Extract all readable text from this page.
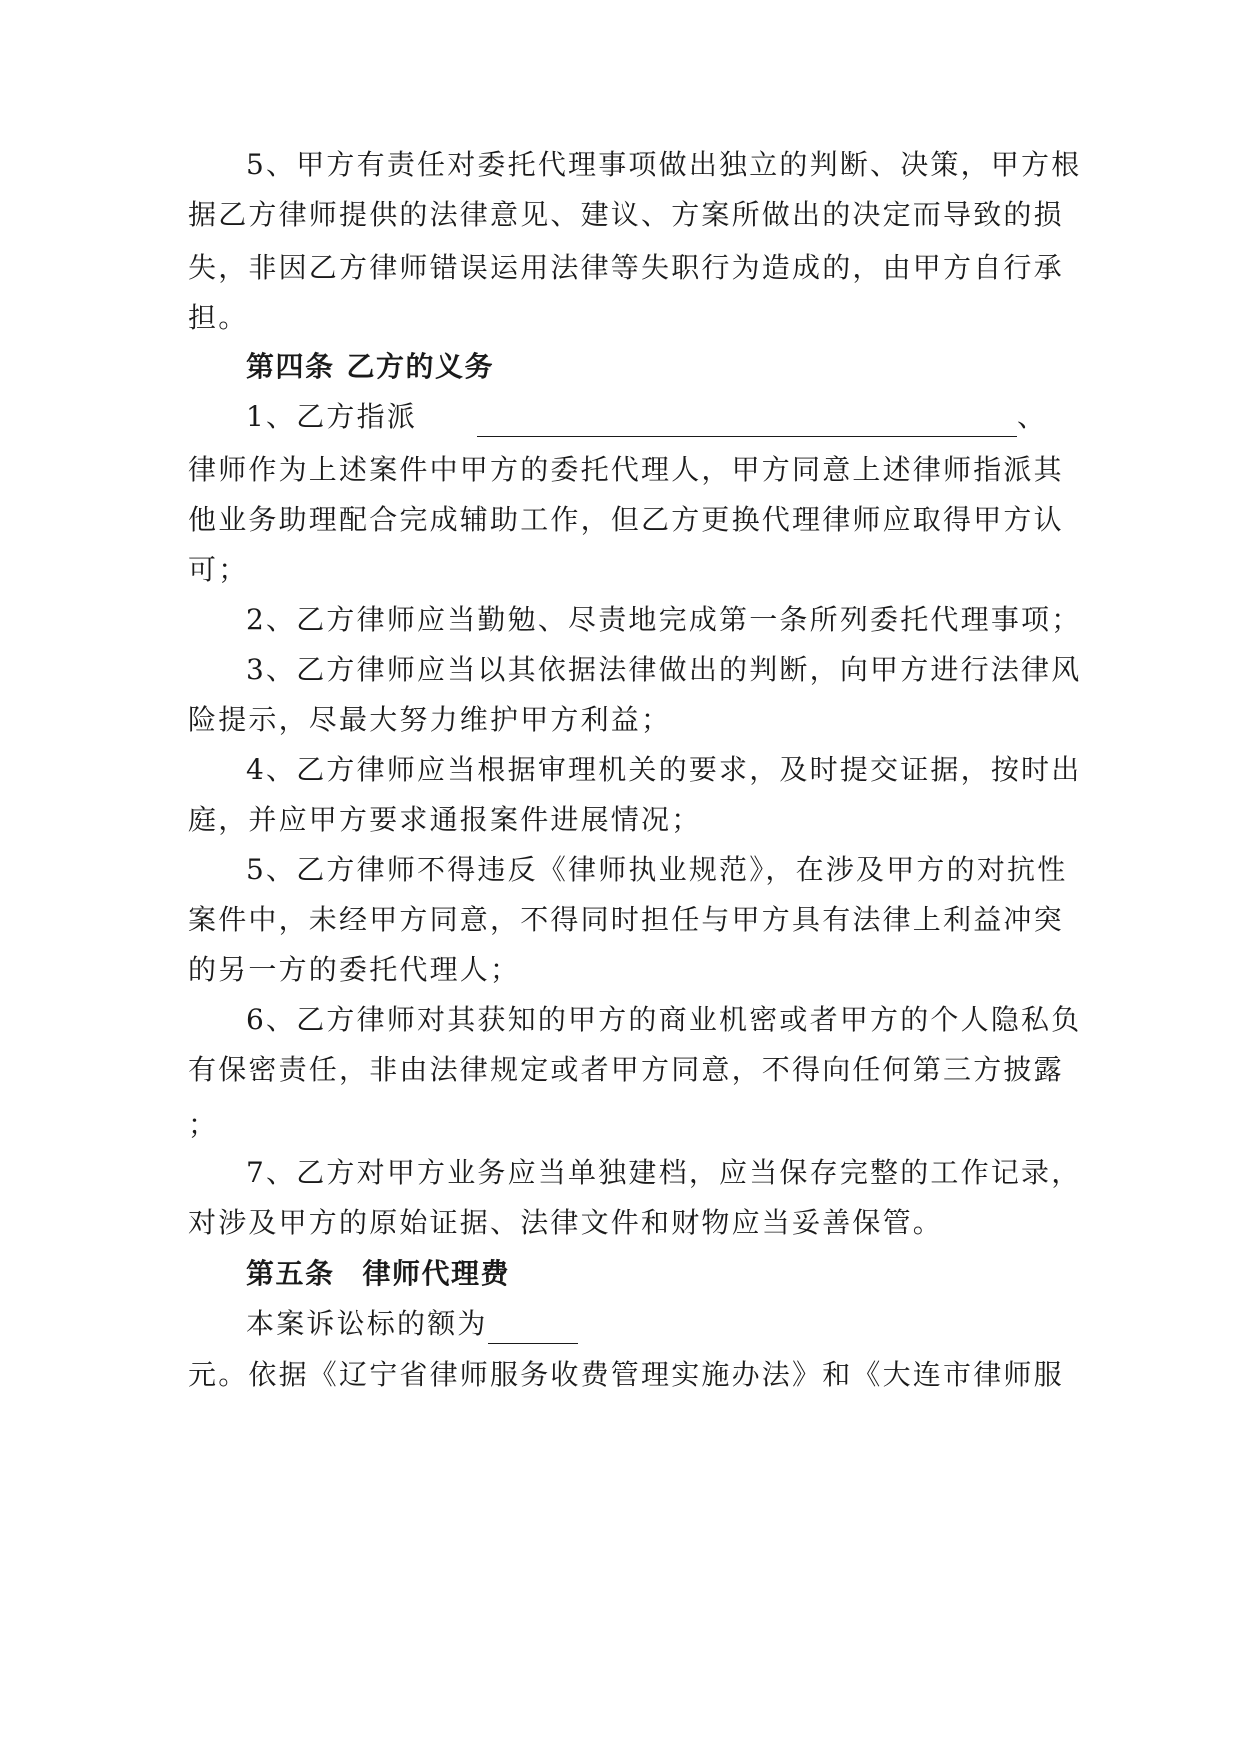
5、甲方有责任对委托代理事项做出独立的判断、决策，甲方根
据乙方律师提供的法律意见、建议、方案所做出的决定而导致的损
失，非因乙方律师错误运用法律等失职行为造成的，由甲方自行承
担。
第四条 乙方的义务
1、乙方指派	、
律师作为上述案件中甲方的委托代理人，甲方同意上述律师指派其
他业务助理配合完成辅助工作，但乙方更换代理律师应取得甲方认
可；
2、乙方律师应当勤勉、尽责地完成第一条所列委托代理事项；
3、乙方律师应当以其依据法律做出的判断，向甲方进行法律风
险提示，尽最大努力维护甲方利益；
4、乙方律师应当根据审理机关的要求，及时提交证据，按时出
庭，并应甲方要求通报案件进展情况；
5、乙方律师不得违反《律师执业规范》，在涉及甲方的对抗性
案件中，未经甲方同意，不得同时担任与甲方具有法律上利益冲突
的另一方的委托代理人；
6、乙方律师对其获知的甲方的商业机密或者甲方的个人隐私负
有保密责任，非由法律规定或者甲方同意，不得向任何第三方披露
；
7、乙方对甲方业务应当单独建档，应当保存完整的工作记录，
对涉及甲方的原始证据、法律文件和财物应当妥善保管。
第五条 律师代理费
本案诉讼标的额为
元。依据《辽宁省律师服务收费管理实施办法》和《大连市律师服
